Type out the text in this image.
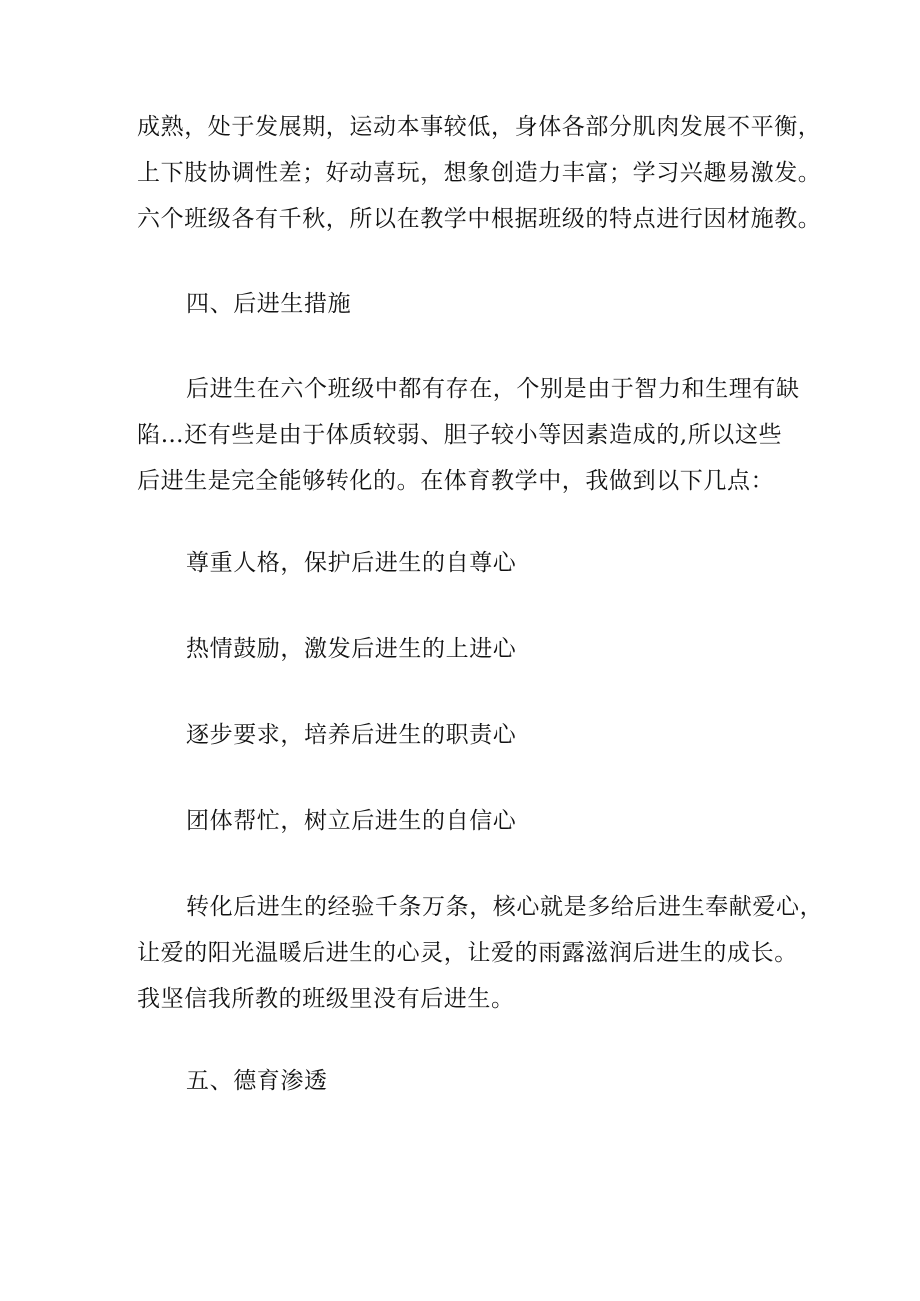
成熟，处于发展期，运动本事较低，身体各部分肌肉发展不平衡，
上下肢协调性差；好动喜玩，想象创造力丰富；学习兴趣易激发。
六个班级各有千秋，所以在教学中根据班级的特点进行因材施教。
四、后进生措施
后进生在六个班级中都有存在，个别是由于智力和生理有缺
陷…还有些是由于体质较弱、胆子较小等因素造成的,所以这些
后进生是完全能够转化的。在体育教学中，我做到以下几点：
尊重人格，保护后进生的自尊心
热情鼓励，激发后进生的上进心
逐步要求，培养后进生的职责心
团体帮忙，树立后进生的自信心
转化后进生的经验千条万条，核心就是多给后进生奉献爱心，
让爱的阳光温暖后进生的心灵，让爱的雨露滋润后进生的成长。
我坚信我所教的班级里没有后进生。
五、德育渗透
